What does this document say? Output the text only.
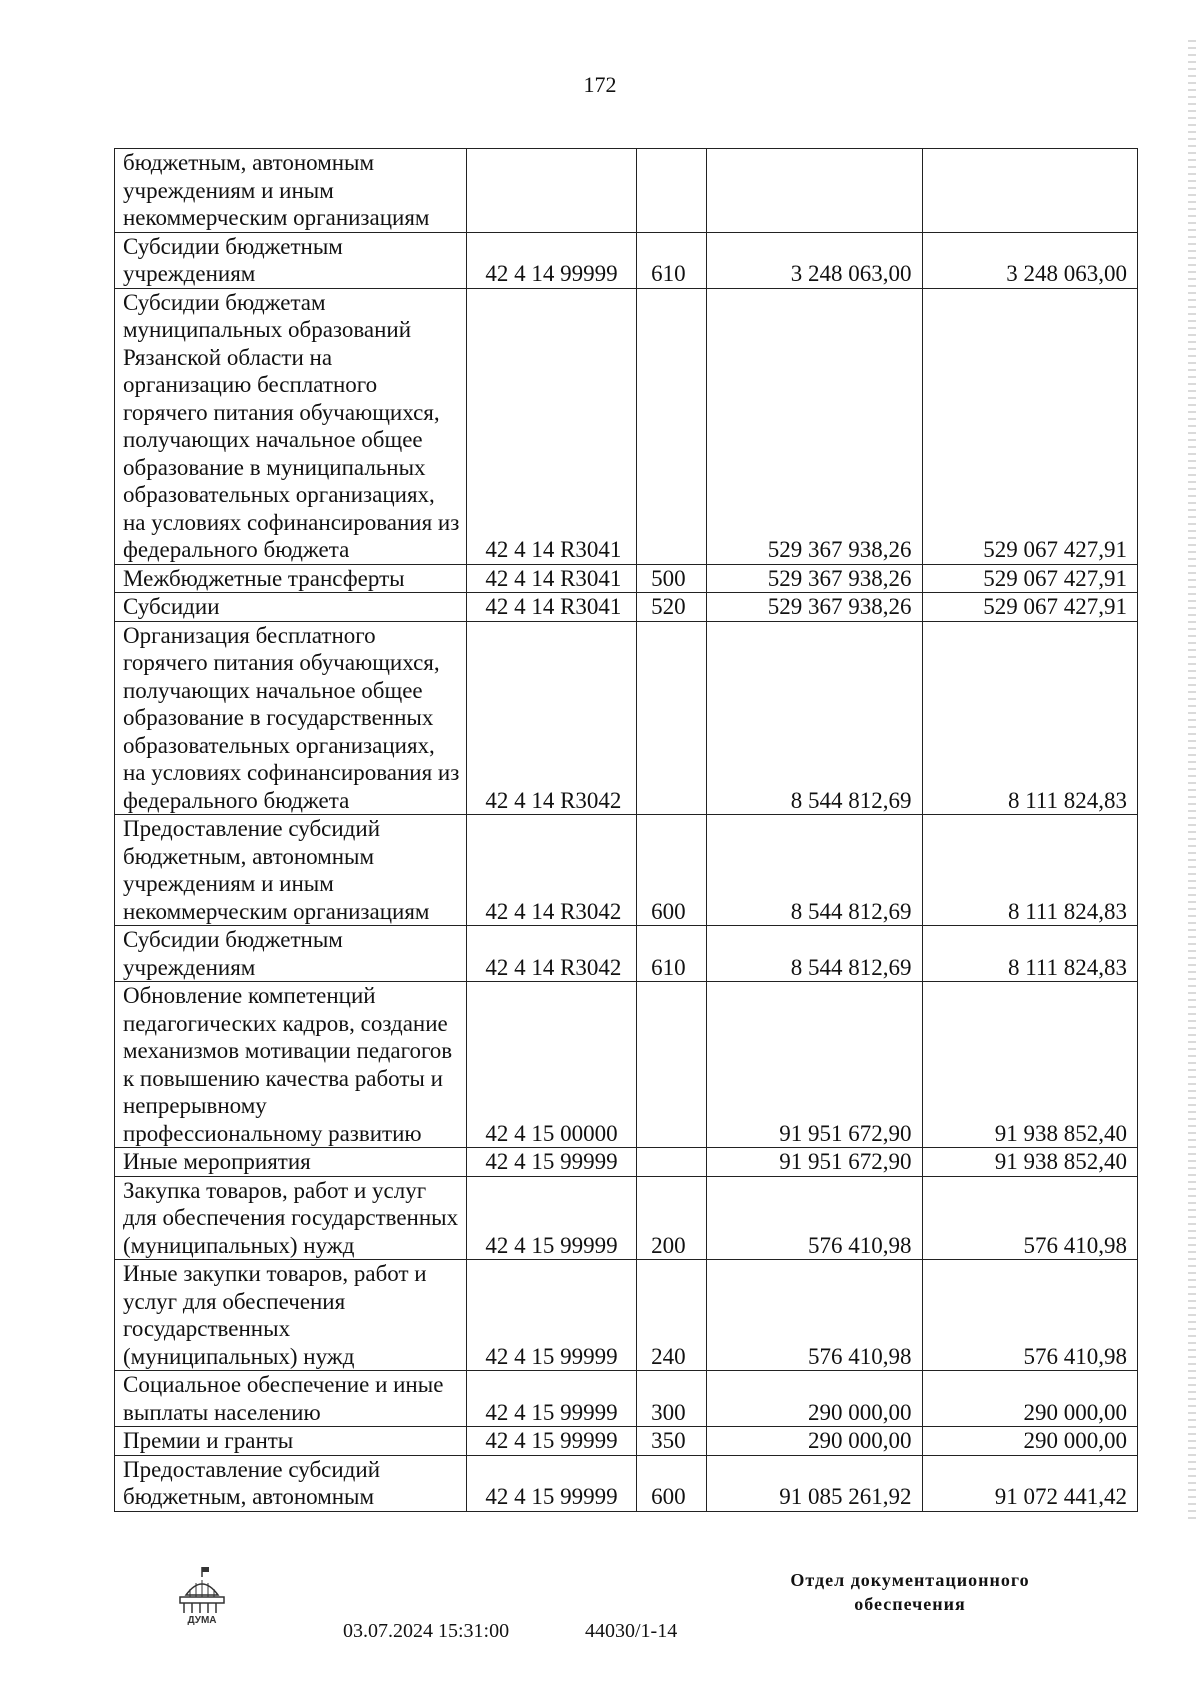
172
бюджетным, автономным учреждениям и иным некоммерческим организациям				

Субсидии бюджетным учреждениям	42 4 14 99999	610	3 248 063,00	3 248 063,00

Субсидии бюджетам муниципальных образований Рязанской области на организацию бесплатного горячего питания обучающихся, получающих начальное общее образование в муниципальных образовательных организациях, на условиях софинансирования из федерального бюджета	42 4 14 R3041		529 367 938,26	529 067 427,91

Межбюджетные трансферты	42 4 14 R3041	500	529 367 938,26	529 067 427,91

Субсидии	42 4 14 R3041	520	529 367 938,26	529 067 427,91

Организация бесплатного горячего питания обучающихся, получающих начальное общее образование в государственных образовательных организациях, на условиях софинансирования из федерального бюджета	42 4 14 R3042		8 544 812,69	8 111 824,83

Предоставление субсидий бюджетным, автономным учреждениям и иным некоммерческим организациям	42 4 14 R3042	600	8 544 812,69	8 111 824,83

Субсидии бюджетным учреждениям	42 4 14 R3042	610	8 544 812,69	8 111 824,83

Обновление компетенций педагогических кадров, создание механизмов мотивации педагогов к повышению качества работы и непрерывному профессиональному развитию	42 4 15 00000		91 951 672,90	91 938 852,40

Иные мероприятия	42 4 15 99999		91 951 672,90	91 938 852,40

Закупка товаров, работ и услуг для обеспечения государственных (муниципальных) нужд	42 4 15 99999	200	576 410,98	576 410,98

Иные закупки товаров, работ и услуг для обеспечения государственных (муниципальных) нужд	42 4 15 99999	240	576 410,98	576 410,98

Социальное обеспечение и иные выплаты населению	42 4 15 99999	300	290 000,00	290 000,00

Премии и гранты	42 4 15 99999	350	290 000,00	290 000,00

Предоставление субсидий бюджетным, автономным	42 4 15 99999	600	91 085 261,92	91 072 441,42
ДУМА	03.07.2024 15:31:00	44030/1-14
Отдел документационного обеспечения
